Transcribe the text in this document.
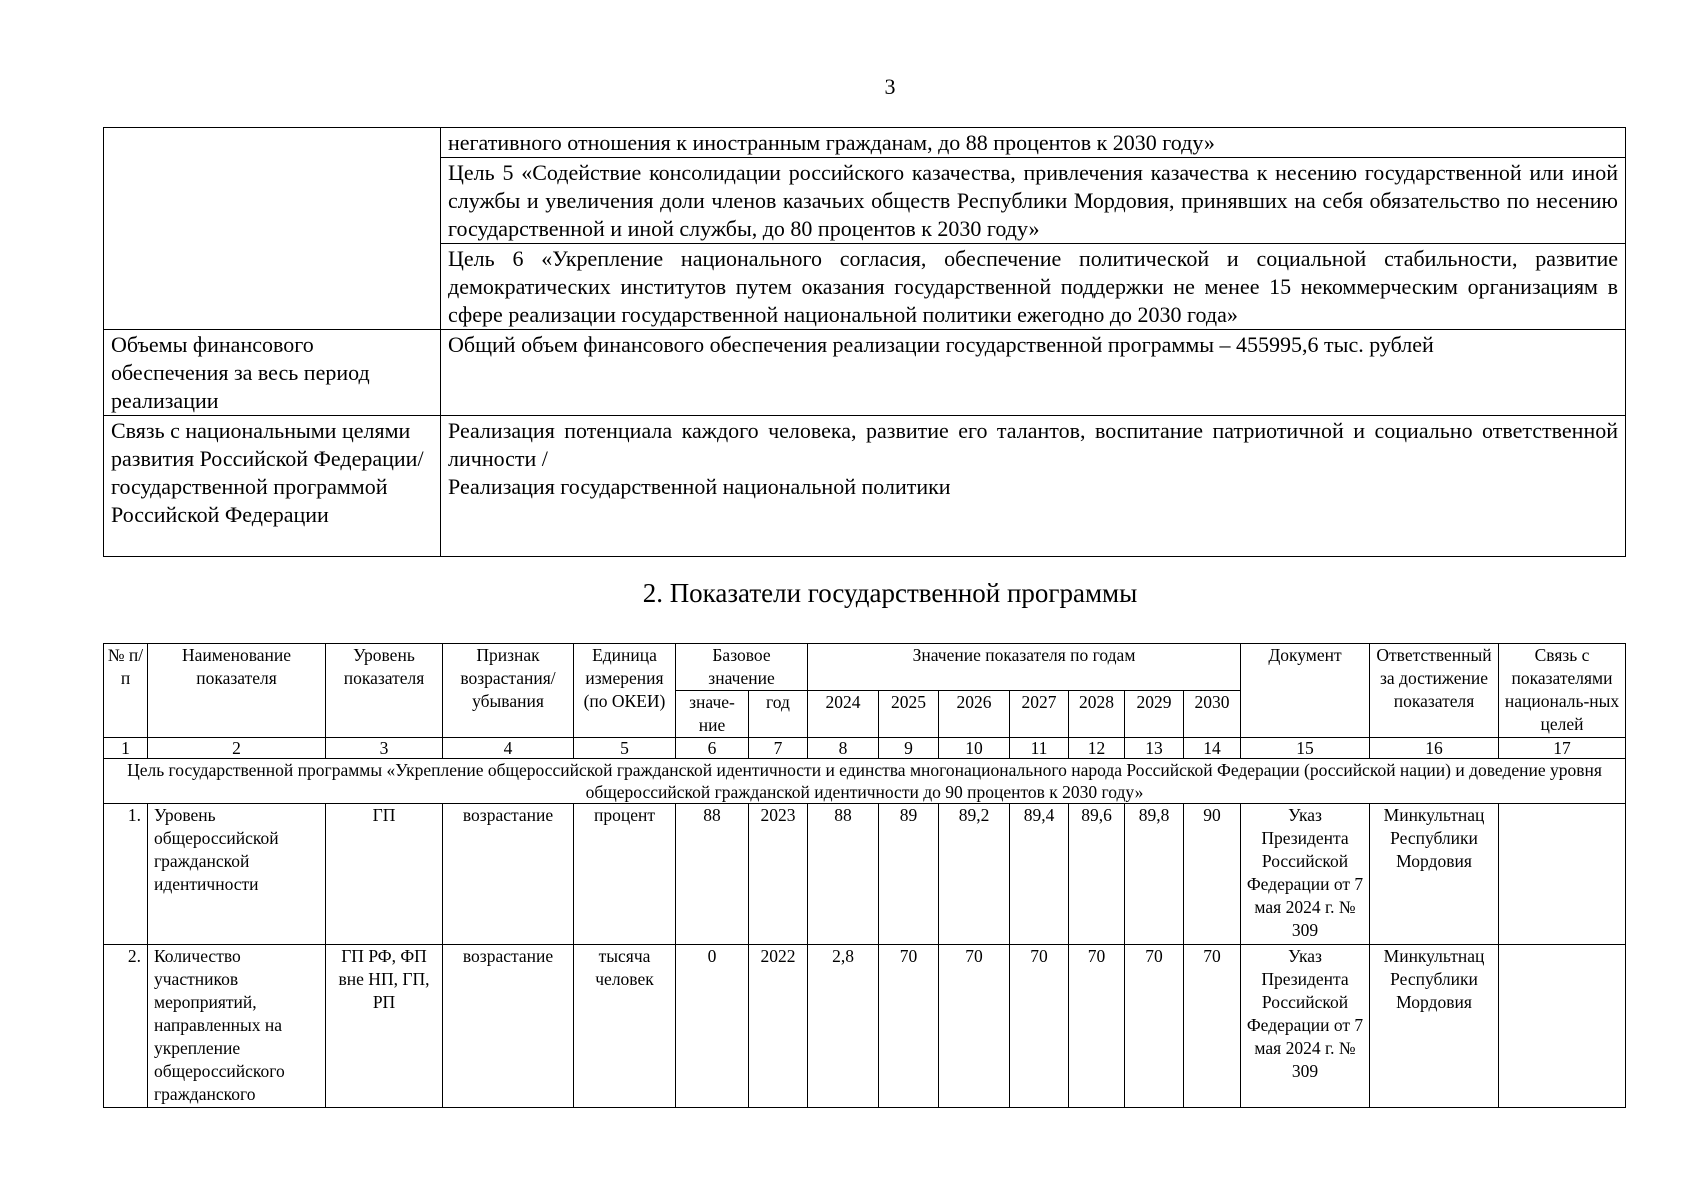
3
	негативного отношения к иностранным гражданам, до 88 процентов к 2030 году»
	Цель 5 «Содействие консолидации российского казачества, привлечения казачества к несению государственной или иной службы и увеличения доли членов казачьих обществ Республики Мордовия, принявших на себя обязательство по несению государственной и иной службы, до 80 процентов к 2030 году»
	Цель 6 «Укрепление национального согласия, обеспечение политической и социальной стабильности, развитие демократических институтов путем оказания государственной поддержки не менее 15 некоммерческим организациям в сфере реализации государственной национальной политики ежегодно до 2030 года»
Объемы финансового обеспечения за весь период реализации	Общий объем финансового обеспечения реализации государственной программы – 455995,6 тыс. рублей
Связь с национальными целями развития Российской Федерации/ государственной программой Российской Федерации	Реализация потенциала каждого человека, развитие его талантов, воспитание патриотичной и социально ответственной личности /
Реализация государственной национальной политики
2. Показатели государственной программы
№ п/п	Наименование показателя	Уровень показателя	Признак возрастания/ убывания	Единица измерения (по ОКЕИ)	Базовое значение		Значение показателя по годам							Документ	Ответственный за достижение показателя	Связь с показателями националь-ных целей
					значе-ние	год	2024	2025	2026	2027	2028	2029	2030			
1	2	3	4	5	6	7	8	9	10	11	12	13	14	15	16	17
Цель государственной программы «Укрепление общероссийской гражданской идентичности и единства многонационального народа Российской Федерации (российской нации) и доведение уровня общероссийской гражданской идентичности до 90 процентов к 2030 году»																
1.	Уровень общероссийской гражданской идентичности	ГП	возрастание	процент	88	2023	88	89	89,2	89,4	89,6	89,8	90	Указ Президента Российской Федерации от 7 мая 2024 г. № 309	Минкультнац Республики Мордовия	
2.	Количество участников мероприятий, направленных на укрепление общероссийского гражданского	ГП РФ, ФП вне НП, ГП, РП	возрастание	тысяча человек	0	2022	2,8	70	70	70	70	70	70	Указ Президента Российской Федерации от 7 мая 2024 г. № 309	Минкультнац Республики Мордовия	
